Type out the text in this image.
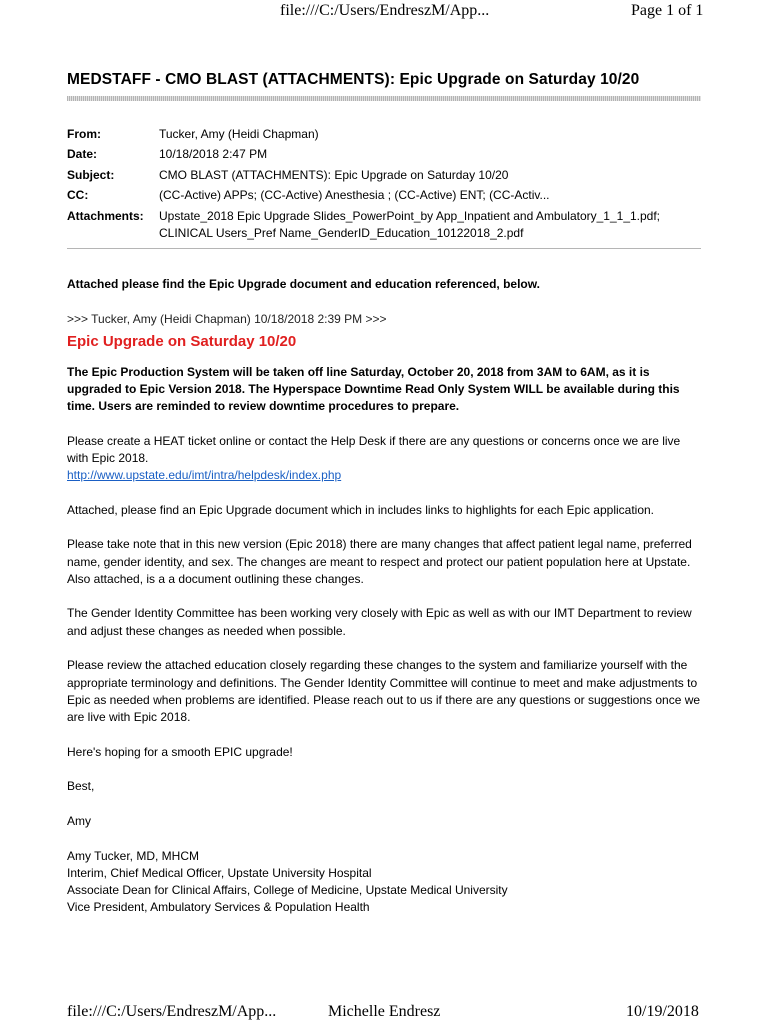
file:///C:/Users/EndreszM/App...	Page 1 of 1
MEDSTAFF - CMO BLAST (ATTACHMENTS): Epic Upgrade on Saturday 10/20
From:	Tucker, Amy (Heidi Chapman)
Date:	10/18/2018 2:47 PM
Subject:	CMO BLAST (ATTACHMENTS): Epic Upgrade on Saturday 10/20
CC:	(CC-Active) APPs; (CC-Active) Anesthesia ; (CC-Active) ENT; (CC-Activ...
Attachments:	Upstate_2018 Epic Upgrade Slides_PowerPoint_by App_Inpatient and Ambulatory_1_1_1.pdf;
CLINICAL Users_Pref Name_GenderID_Education_10122018_2.pdf

Attached please find the Epic Upgrade document and education referenced, below.

>>> Tucker, Amy (Heidi Chapman) 10/18/2018 2:39 PM >>>

Epic Upgrade on Saturday 10/20

The Epic Production System will be taken off line Saturday, October 20, 2018 from 3AM to 6AM, as it is upgraded to Epic Version 2018. The Hyperspace Downtime Read Only System WILL be available during this time. Users are reminded to review downtime procedures to prepare.

Please create a HEAT ticket online or contact the Help Desk if there are any questions or concerns once we are live with Epic 2018.

http://www.upstate.edu/imt/intra/helpdesk/index.php

Attached, please find an Epic Upgrade document which in includes links to highlights for each Epic application.

Please take note that in this new version (Epic 2018) there are many changes that affect patient legal name, preferred name, gender identity, and sex. The changes are meant to respect and protect our patient population here at Upstate. Also attached, is a a document outlining these changes.

The Gender Identity Committee has been working very closely with Epic as well as with our IMT Department to review and adjust these changes as needed when possible.

Please review the attached education closely regarding these changes to the system and familiarize yourself with the appropriate terminology and definitions. The Gender Identity Committee will continue to meet and make adjustments to Epic as needed when problems are identified. Please reach out to us if there are any questions or suggestions once we are live with Epic 2018.

Here's hoping for a smooth EPIC upgrade!

Best,

Amy

Amy Tucker, MD, MHCM

Interim, Chief Medical Officer, Upstate University Hospital

Associate Dean for Clinical Affairs, College of Medicine, Upstate Medical University

Vice President, Ambulatory Services & Population Health

file:///C:/Users/EndreszM/App...	Michelle Endresz	10/19/2018
